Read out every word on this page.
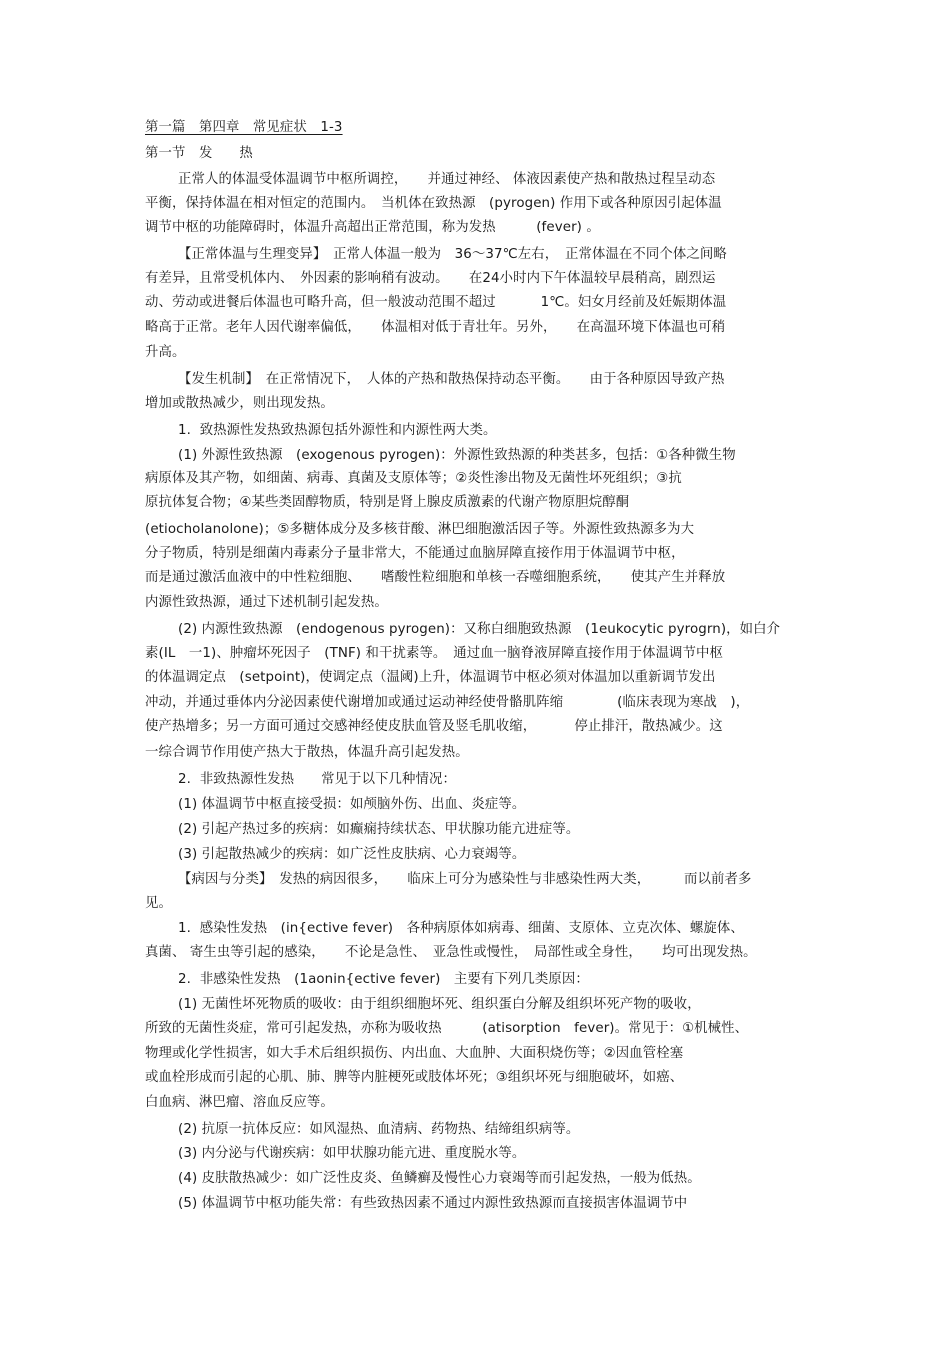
第一篇　第四章　常见症状　1-3
第一节　发　　热
正常人的体温受体温调节中枢所调控，　　并通过神经、 体液因素使产热和散热过程呈动态
平衡，保持体温在相对恒定的范围内。　当机体在致热源　(pyrogen) 作用下或各种原因引起体温
调节中枢的功能障碍时，体温升高超出正常范围，称为发热　　　(fever) 。
【正常体温与生理变异】　正常人体温一般为　36～37℃左右，　正常体温在不同个体之间略
有差异，且常受机体内、　外因素的影响稍有波动。　　在24小时内下午体温较早晨稍高，剧烈运
动、劳动或进餐后体温也可略升高，但一般波动范围不超过　　　 1℃。妇女月经前及妊娠期体温
略高于正常。老年人因代谢率偏低，　　体温相对低于青壮年。另外，　　在高温环境下体温也可稍
升高。
【发生机制】　在正常情况下，　人体的产热和散热保持动态平衡。　　由于各种原因导致产热
增加或散热减少，则出现发热。
1.  致热源性发热致热源包括外源性和内源性两大类。
(1) 外源性致热源　(exogenous pyrogen)：外源性致热源的种类甚多，包括：①各种微生物
病原体及其产物，如细菌、病毒、真菌及支原体等；②炎性渗出物及无菌性坏死组织；③抗
原抗体复合物；④某些类固醇物质，特别是肾上腺皮质激素的代谢产物原胆烷醇酮
(etiocholanolone)；⑤多糖体成分及多核苷酸、淋巴细胞激活因子等。外源性致热源多为大
分子物质，特别是细菌内毒素分子量非常大，不能通过血脑屏障直接作用于体温调节中枢，
而是通过激活血液中的中性粒细胞、　　嗜酸性粒细胞和单核一吞噬细胞系统，　　使其产生并释放
内源性致热源，通过下述机制引起发热。
(2) 内源性致热源　(endogenous pyrogen)：又称白细胞致热源　(1eukocytic pyrogrn)，如白介
素(IL　一1)、肿瘤坏死因子　(TNF) 和干扰素等。　通过血一脑脊液屏障直接作用于体温调节中枢
的体温调定点　(setpoint)，使调定点（温阈)上升，体温调节中枢必须对体温加以重新调节发出
冲动，并通过垂体内分泌因素使代谢增加或通过运动神经使骨骼肌阵缩　　　　(临床表现为寒战　)，
使产热增多；另一方面可通过交感神经使皮肤血管及竖毛肌收缩，　　　 停止排汗，散热减少。这
一综合调节作用使产热大于散热，体温升高引起发热。
2.  非致热源性发热　　常见于以下几种情况：
(1) 体温调节中枢直接受损：如颅脑外伤、出血、炎症等。
(2) 引起产热过多的疾病：如癫痫持续状态、甲状腺功能亢进症等。
(3) 引起散热减少的疾病：如广泛性皮肤病、心力衰竭等。
【病因与分类】　发热的病因很多，　　临床上可分为感染性与非感染性两大类，　　　而以前者多
见。
1.  感染性发热　(in{ective fever)　各种病原体如病毒、细菌、支原体、立克次体、螺旋体、
真菌、 寄生虫等引起的感染，　　不论是急性、　亚急性或慢性，　局部性或全身性，　　均可出现发热。
2.  非感染性发热　(1aonin{ective fever)　主要有下列几类原因：
(1) 无菌性坏死物质的吸收：由于组织细胞坏死、组织蛋白分解及组织坏死产物的吸收，
所致的无菌性炎症，常可引起发热，亦称为吸收热　　　(atisorption　fever)。常见于：①机械性、
物理或化学性损害，如大手术后组织损伤、内出血、大血肿、大面积烧伤等；②因血管栓塞
或血栓形成而引起的心肌、肺、脾等内脏梗死或肢体坏死；③组织坏死与细胞破坏，如癌、
白血病、淋巴瘤、溶血反应等。
(2) 抗原一抗体反应：如风湿热、血清病、药物热、结缔组织病等。
(3) 内分泌与代谢疾病：如甲状腺功能亢进、重度脱水等。
(4) 皮肤散热减少：如广泛性皮炎、鱼鳞癣及慢性心力衰竭等而引起发热，一般为低热。
(5) 体温调节中枢功能失常：有些致热因素不通过内源性致热源而直接损害体温调节中
